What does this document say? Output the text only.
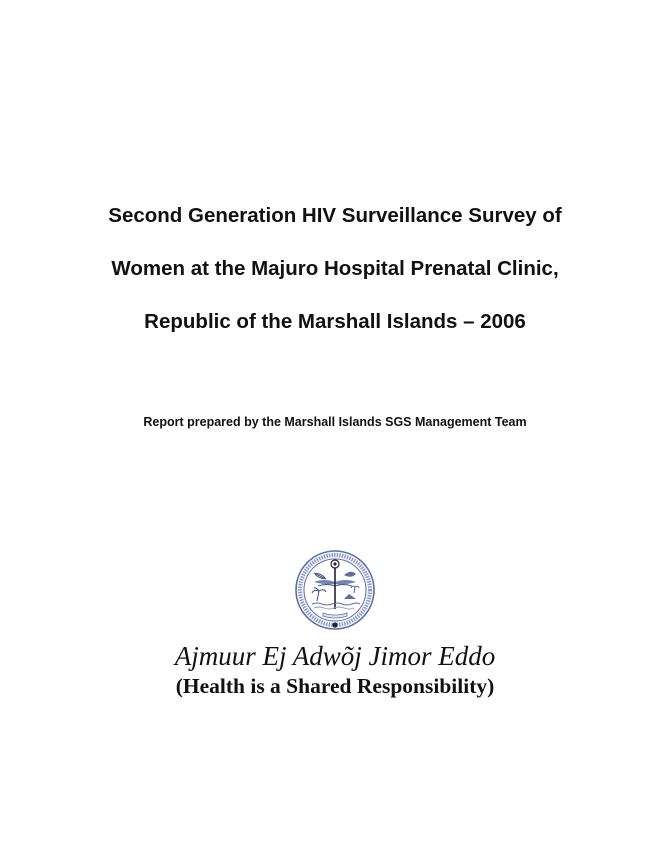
Second Generation HIV Surveillance Survey of
Women at the Majuro Hospital Prenatal Clinic,
Republic of the Marshall Islands – 2006
Report prepared by the Marshall Islands SGS Management Team
Ajmuur Ej Adwõj Jimor Eddo
(Health is a Shared Responsibility)
